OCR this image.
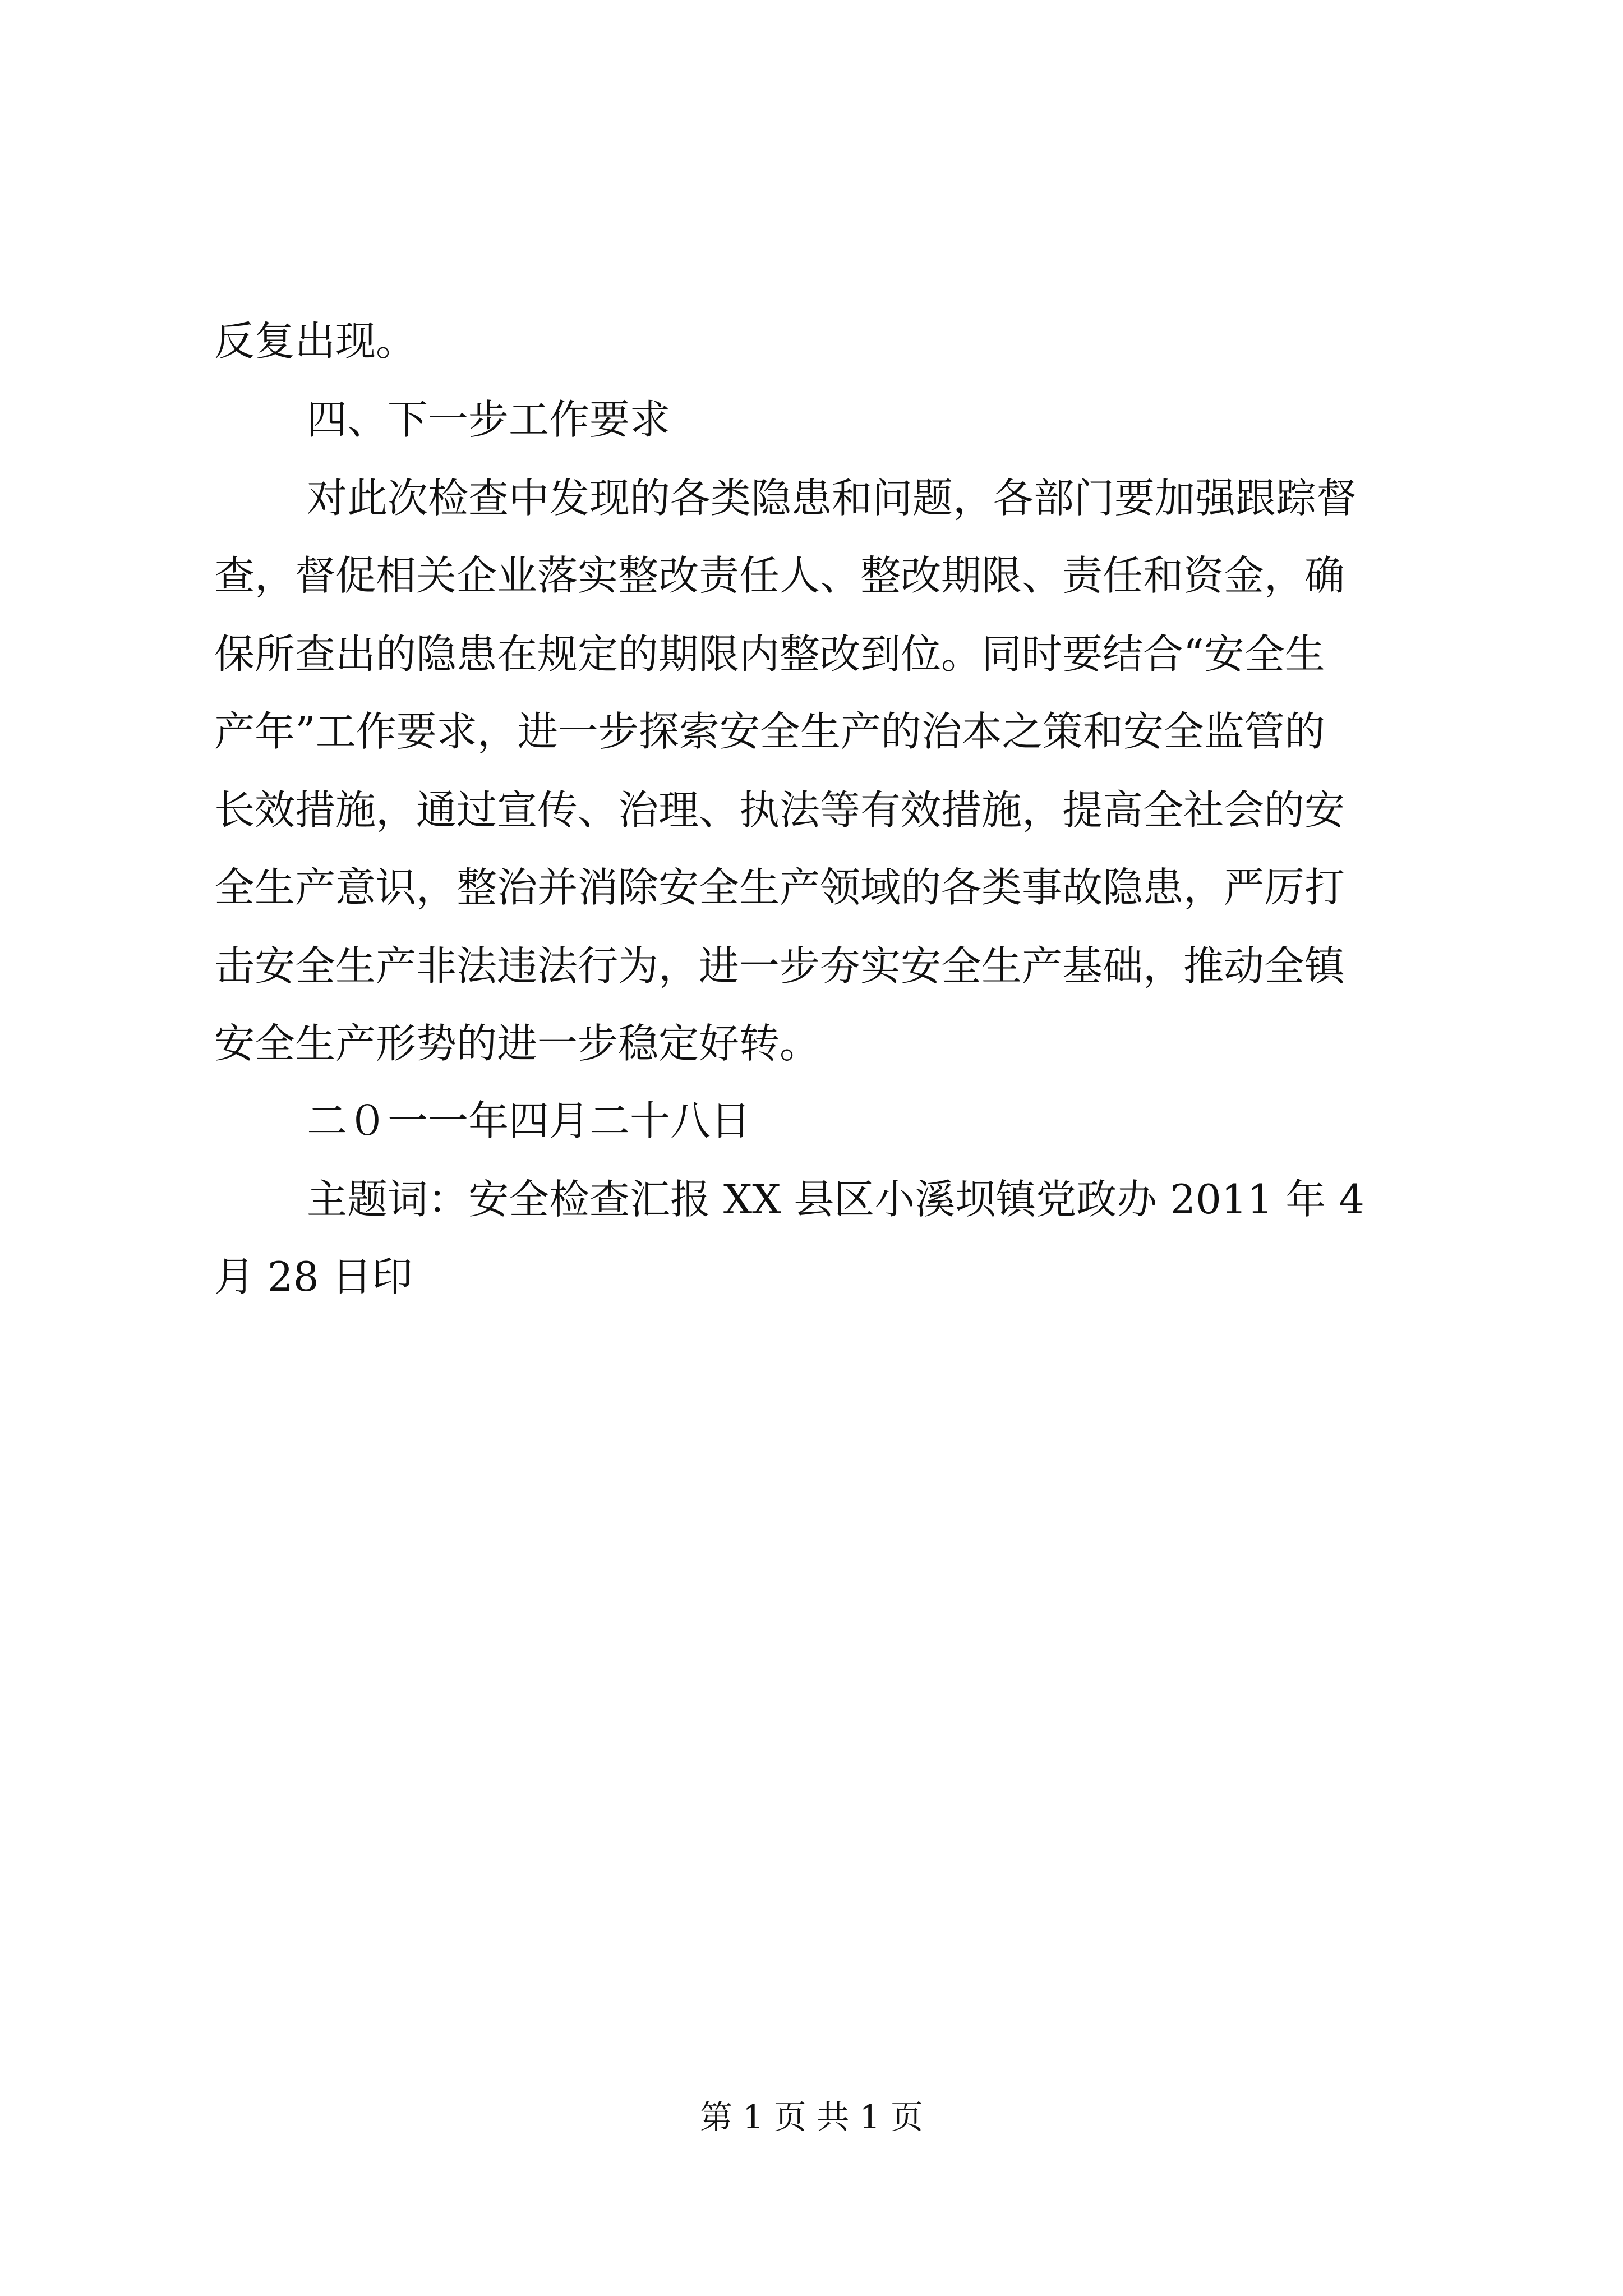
反复出现。
四、下一步工作要求
对此次检查中发现的各类隐患和问题，各部门要加强跟踪督
查，督促相关企业落实整改责任人、整改期限、责任和资金，确
保所查出的隐患在规定的期限内整改到位。同时要结合“安全生
产年”工作要求，进一步探索安全生产的治本之策和安全监管的
长效措施，通过宣传、治理、执法等有效措施，提高全社会的安
全生产意识，整治并消除安全生产领域的各类事故隐患，严厉打
击安全生产非法违法行为，进一步夯实安全生产基础，推动全镇
安全生产形势的进一步稳定好转。
二０一一年四月二十八日
主题词：安全检查汇报 XX 县区小溪坝镇党政办 2011 年 4
月 28 日印
第 1 页 共 1 页
